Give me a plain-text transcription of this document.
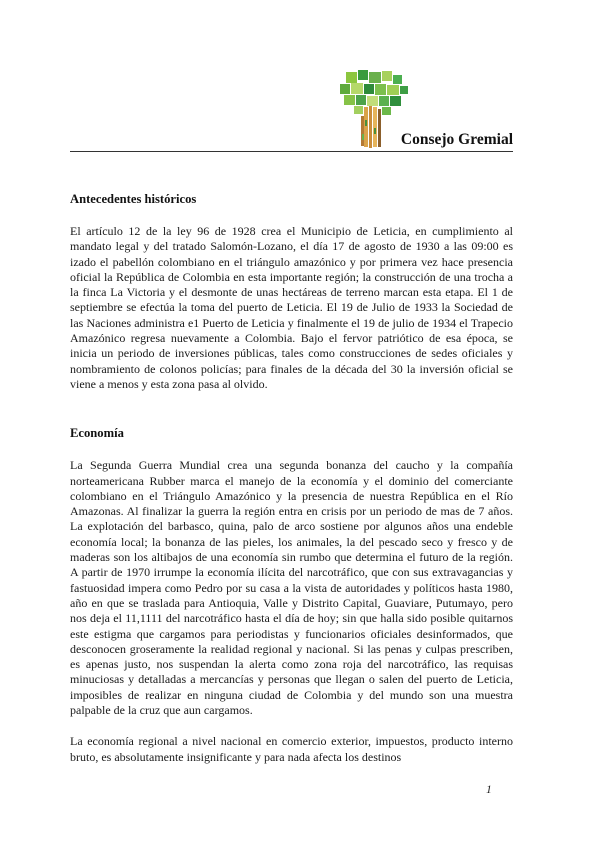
Consejo Gremial
Antecedentes históricos

El artículo 12 de la ley 96 de 1928 crea el Municipio de Leticia, en cumplimiento al mandato legal y del tratado Salomón-Lozano, el día 17 de agosto de 1930 a las 09:00 es izado el pabellón colombiano en el triángulo amazónico y por primera vez hace presencia oficial la República de Colombia en esta importante región; la construcción de una trocha a la finca La Victoria y el desmonte de unas hectáreas de terreno marcan esta etapa. El 1 de septiembre se efectúa la toma del puerto de Leticia. El 19 de Julio de 1933 la Sociedad de las Naciones administra e1 Puerto de Leticia y finalmente el 19 de julio de 1934 el Trapecio Amazónico regresa nuevamente a Colombia. Bajo el fervor patriótico de esa época, se inicia un periodo de inversiones públicas, tales como construcciones de sedes oficiales y nombramiento de colonos policías; para finales de la década del 30 la inversión oficial se viene a menos y esta zona pasa al olvido.

Economía

La Segunda Guerra Mundial crea una segunda bonanza del caucho y la compañía norteamericana Rubber marca el manejo de la economía y el dominio del comerciante colombiano en el Triángulo Amazónico y la presencia de nuestra República en el Río Amazonas. Al finalizar la guerra la región entra en crisis por un periodo de mas de 7 años. La explotación del barbasco, quina, palo de arco sostiene por algunos años una endeble economía local; la bonanza de las pieles, los animales, la del pescado seco y fresco y de maderas son los altibajos de una economía sin rumbo que determina el futuro de la región. A partir de 1970 irrumpe la economía ilícita del narcotráfico, que con sus extravagancias y fastuosidad impera como Pedro por su casa a la vista de autoridades y políticos hasta 1980, año en que se traslada para Antioquia, Valle y Distrito Capital, Guaviare, Putumayo, pero nos deja el 11,1111 del narcotráfico hasta el día de hoy; sin que halla sido posible quitarnos este estigma que cargamos para periodistas y funcionarios oficiales desinformados, que desconocen groseramente la realidad regional y nacional. Si las penas y culpas prescriben, es apenas justo, nos suspendan la alerta como zona roja del narcotráfico, las requisas minuciosas y detalladas a mercancías y personas que llegan o salen del puerto de Leticia, imposibles de realizar en ninguna ciudad de Colombia y del mundo son una muestra palpable de la cruz que aun cargamos.

La economía regional a nivel nacional en comercio exterior, impuestos, producto interno bruto, es absolutamente insignificante y para nada afecta los destinos

1
